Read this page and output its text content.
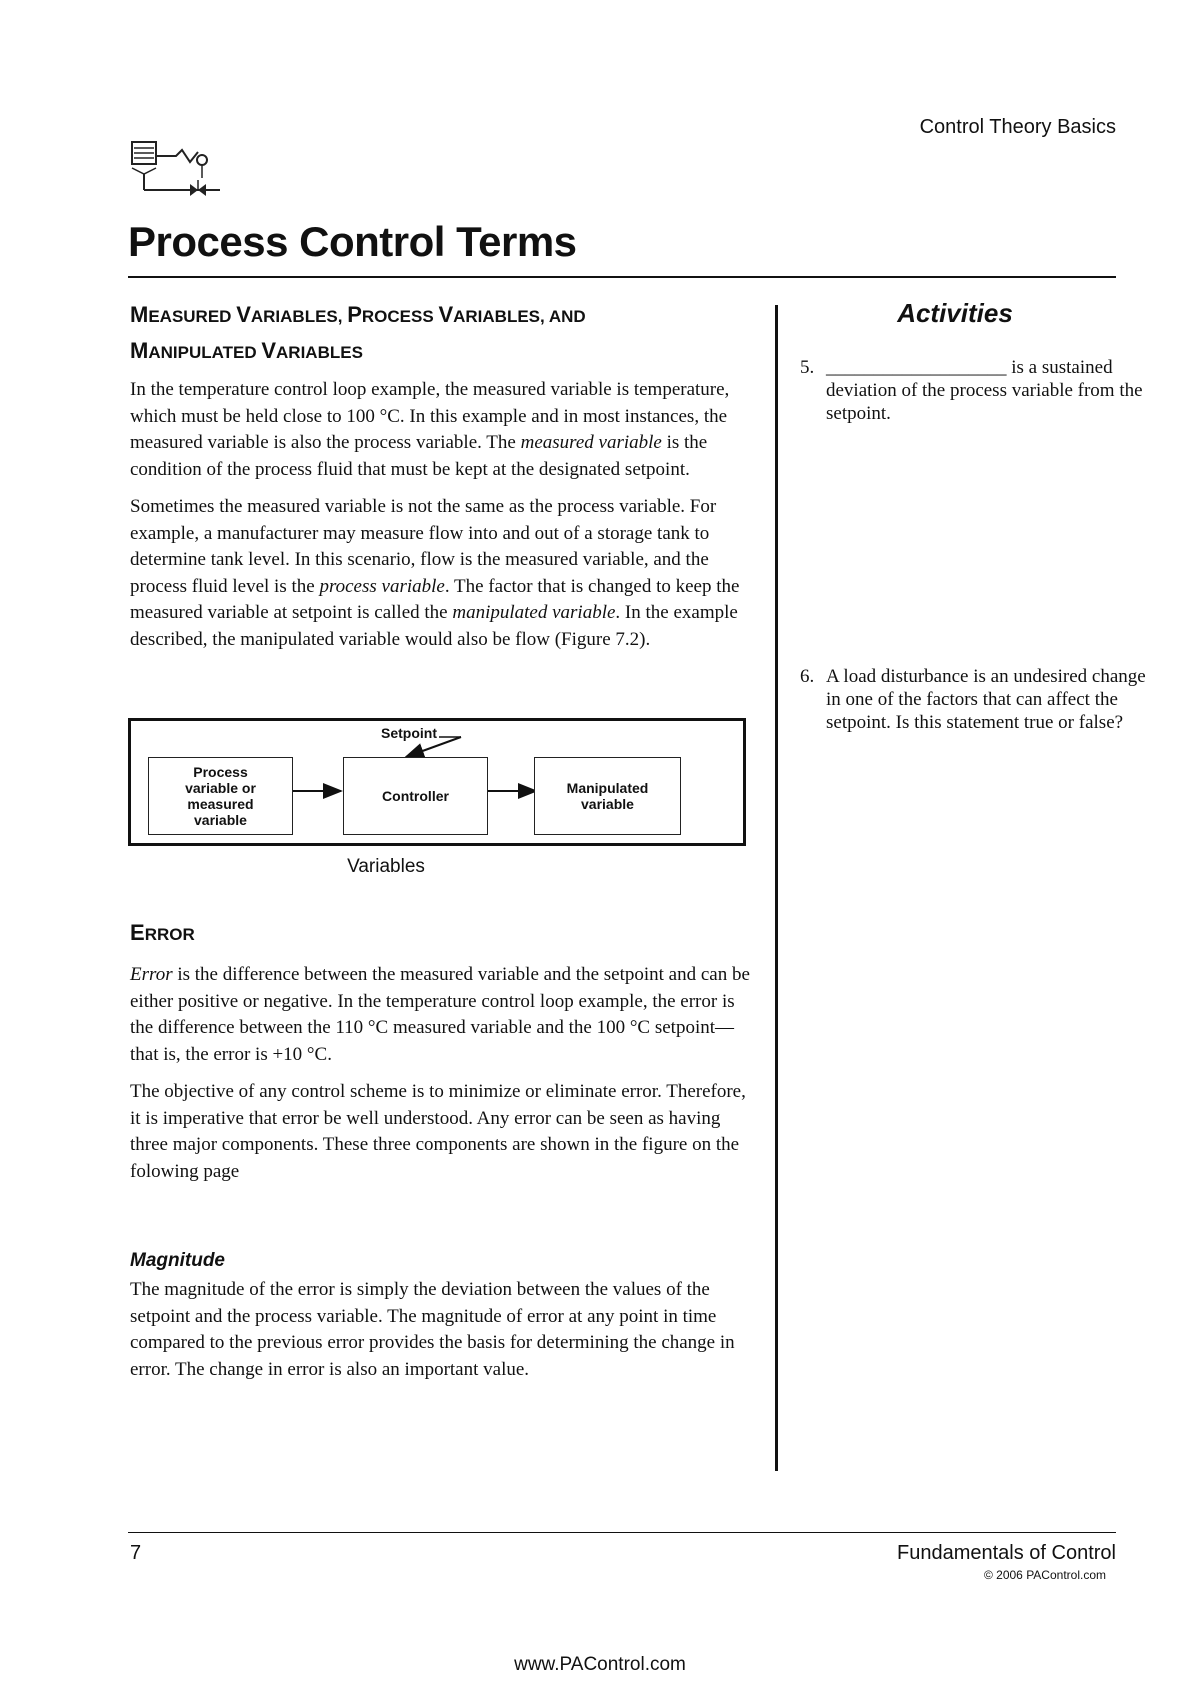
Control Theory Basics
Process Control Terms
MEASURED VARIABLES, PROCESS VARIABLES, AND
MANIPULATED VARIABLES

In the temperature control loop example, the measured variable is temperature, which must be held close to 100 °C. In this example and in most instances, the measured variable is also the process variable. The measured variable is the condition of the process fluid that must be kept at the designated setpoint.

Sometimes the measured variable is not the same as the process variable. For example, a manufacturer may measure flow into and out of a storage tank to determine tank level. In this scenario, flow is the measured variable, and the process fluid level is the process variable. The factor that is changed to keep the measured variable at setpoint is called the manipulated variable. In the example described, the manipulated variable would also be flow (Figure 7.2).

Setpoint
Process
variable or
measured
variable
Controller	Manipulated
variable
Variables
ERROR

Error is the difference between the measured variable and the setpoint and can be either positive or negative. In the temperature control loop example, the error is the difference between the 110 °C measured variable and the 100 °C setpoint—that is, the error is +10 °C.

The objective of any control scheme is to minimize or eliminate error. Therefore, it is imperative that error be well understood. Any error can be seen as having three major components. These three components are shown in the figure on the folowing page

Magnitude

The magnitude of the error is simply the deviation between the values of the setpoint and the process variable. The magnitude of error at any point in time compared to the previous error provides the basis for determining the change in error. The change in error is also an important value.

Activities
5. ___________________ is a sustained deviation of the process variable from the setpoint.
6. A load disturbance is an undesired change in one of the factors that can affect the setpoint. Is this statement true or false?
7	Fundamentals of Control
© 2006 PAControl.com
www.PAControl.com
